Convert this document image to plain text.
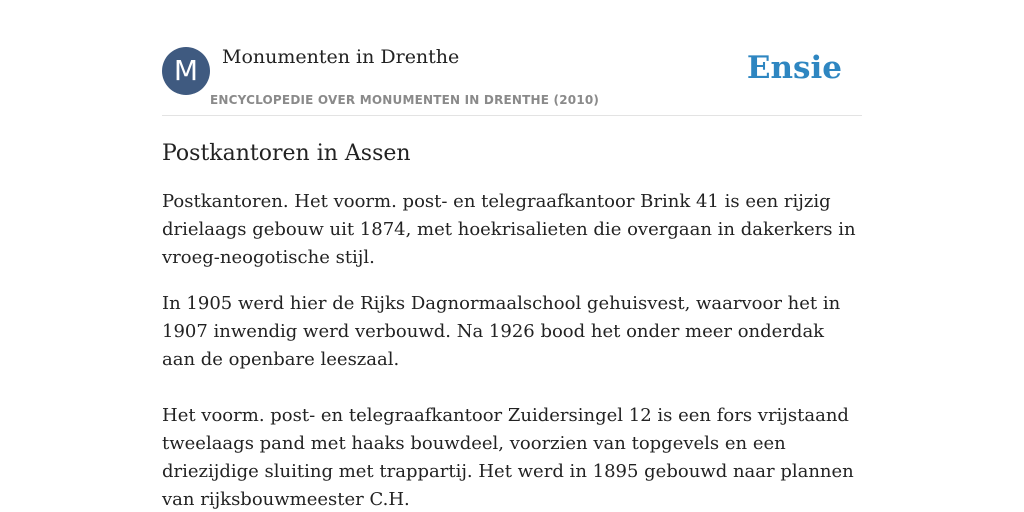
M	Monumenten in Drenthe
ENCYCLOPEDIE OVER MONUMENTEN IN DRENTHE (2010)
Ensie
Postkantoren in Assen

Postkantoren. Het voorm. post- en telegraafkantoor Brink 41 is een rijzig drielaags gebouw uit 1874, met hoekrisalieten die overgaan in dakerkers in vroeg-neogotische stijl.

In 1905 werd hier de Rijks Dagnormaalschool gehuisvest, waarvoor het in 1907 inwendig werd verbouwd. Na 1926 bood het onder meer onderdak aan de openbare leeszaal.

Het voorm. post- en telegraafkantoor Zuidersingel 12 is een fors vrijstaand tweelaags pand met haaks bouwdeel, voorzien van topgevels en een driezijdige sluiting met trappartij. Het werd in 1895 gebouwd naar plannen van rijksbouwmeester C.H.
